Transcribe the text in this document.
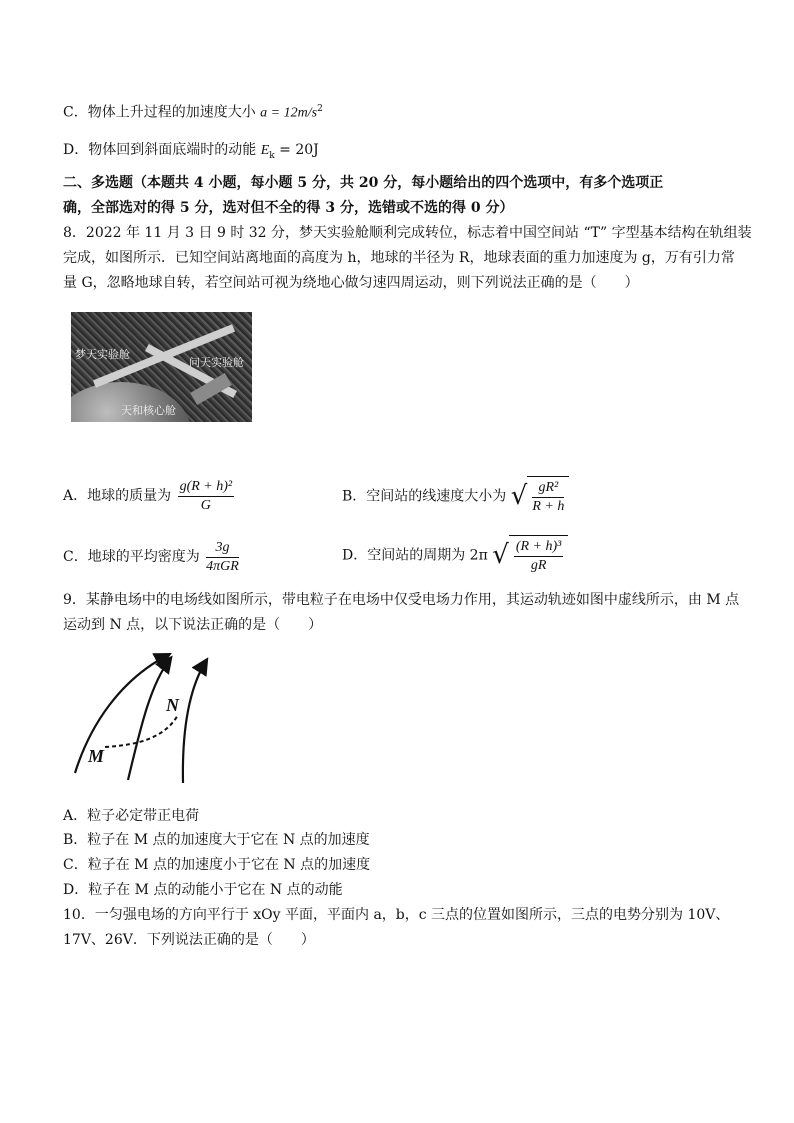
C．物体上升过程的加速度大小 $a = 12m/s^2$
D．物体回到斜面底端时的动能 $E_k = 20J$
二、多选题（本题共 4 小题，每小题 5 分，共 20 分，每小题给出的四个选项中，有多个选项正
确，全部选对的得 5 分，选对但不全的得 3 分，选错或不选的得 0 分）
8．2022 年 11 月 3 日 9 时 32 分，梦天实验舱顺利完成转位，标志着中国空间站 “T” 字型基本结构在轨组装
完成，如图所示．已知空间站离地面的高度为 h，地球的半径为 R，地球表面的重力加速度为 g，万有引力常
量 G，忽略地球自转，若空间站可视为绕地心做匀速四周运动，则下列说法正确的是（　　）
梦天实验舱
问天实验舱
天和核心舱
A．地球的质量为 $\frac{\text{g(R + h)²}}{G}$	B．空间站的线速度大小为 √ $\frac{\text{gR²}}{R + h}$
C．地球的平均密度为 $\frac{3g}{\text{4πGR}}$	D．空间站的周期为 2π √ $\frac{\text{(R + h)³}}{gR}$
9．某静电场中的电场线如图所示，带电粒子在电场中仅受电场力作用，其运动轨迹如图中虚线所示，由 M 点
运动到 N 点，以下说法正确的是（　　）
M
N
A．粒子必定带正电荷
B．粒子在 M 点的加速度大于它在 N 点的加速度
C．粒子在 M 点的加速度小于它在 N 点的加速度
D．粒子在 M 点的动能小于它在 N 点的动能
10．一匀强电场的方向平行于 xOy 平面，平面内 a，b，c 三点的位置如图所示，三点的电势分别为 10V、
17V、26V．下列说法正确的是（　　）
